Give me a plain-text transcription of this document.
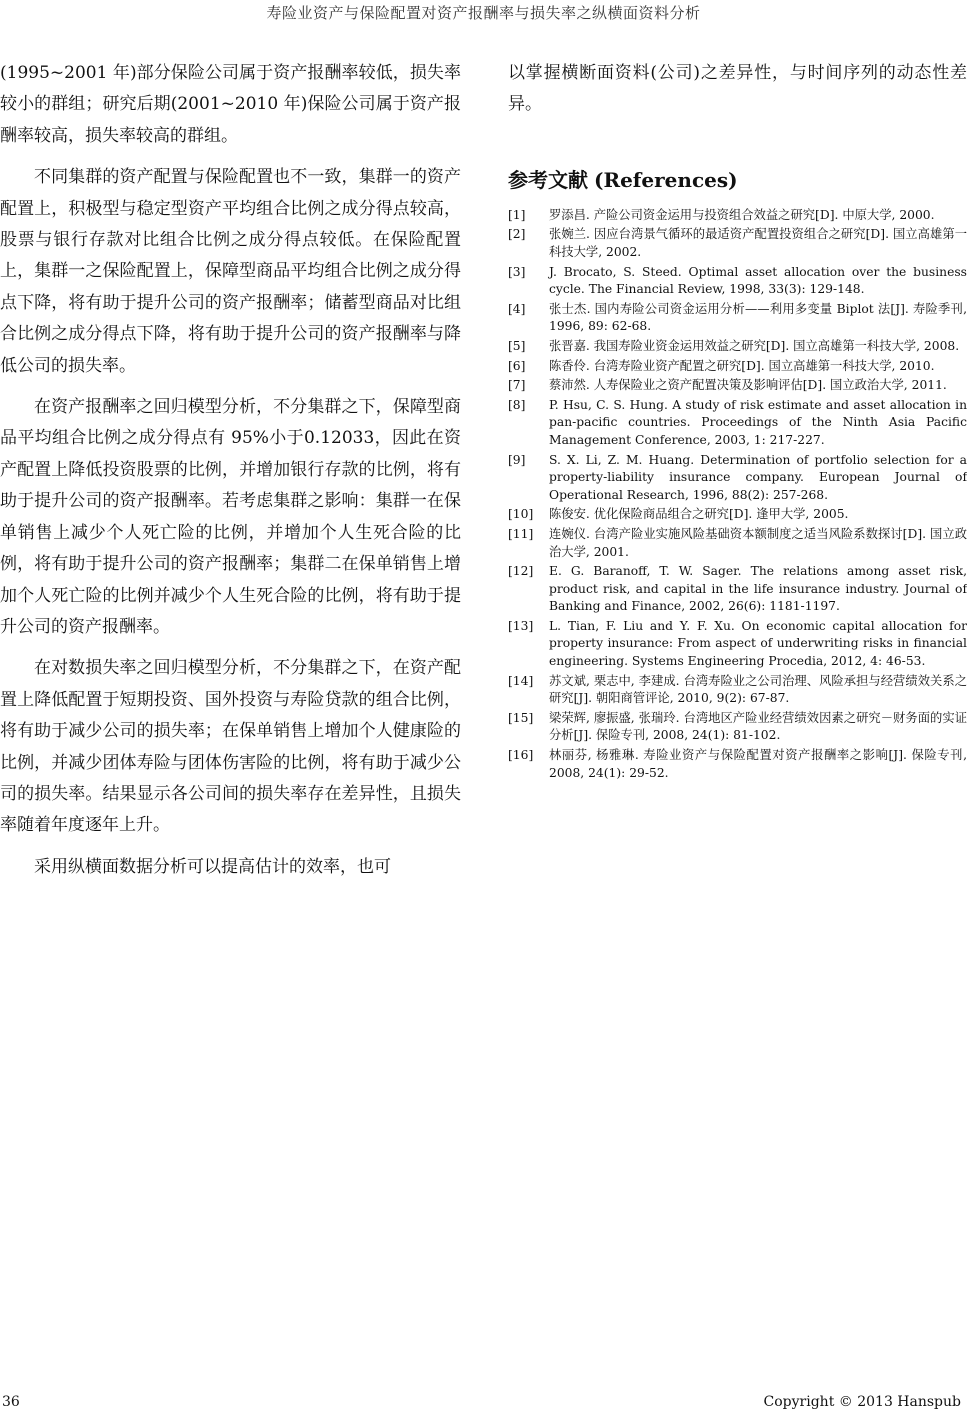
寿险业资产与保险配置对资产报酬率与损失率之纵横面资料分析

(1995~2001 年)部分保险公司属于资产报酬率较低，损失率较小的群组；研究后期(2001~2010 年)保险公司属于资产报酬率较高，损失率较高的群组。

不同集群的资产配置与保险配置也不一致，集群一的资产配置上，积极型与稳定型资产平均组合比例之成分得点较高，股票与银行存款对比组合比例之成分得点较低。在保险配置上，集群一之保险配置上，保障型商品平均组合比例之成分得点下降，将有助于提升公司的资产报酬率；储蓄型商品对比组合比例之成分得点下降，将有助于提升公司的资产报酬率与降低公司的损失率。

在资产报酬率之回归模型分析，不分集群之下，保障型商品平均组合比例之成分得点有 95%小于0.12033，因此在资产配置上降低投资股票的比例，并增加银行存款的比例，将有助于提升公司的资产报酬率。若考虑集群之影响：集群一在保单销售上减少个人死亡险的比例，并增加个人生死合险的比例，将有助于提升公司的资产报酬率；集群二在保单销售上增加个人死亡险的比例并减少个人生死合险的比例，将有助于提升公司的资产报酬率。

在对数损失率之回归模型分析，不分集群之下，在资产配置上降低配置于短期投资、国外投资与寿险贷款的组合比例，将有助于减少公司的损失率；在保单销售上增加个人健康险的比例，并减少团体寿险与团体伤害险的比例，将有助于减少公司的损失率。结果显示各公司间的损失率存在差异性，且损失率随着年度逐年上升。

采用纵横面数据分析可以提高估计的效率，也可

以掌握横断面资料(公司)之差异性，与时间序列的动态性差异。

参考文献 (References)
[1]	罗添昌. 产险公司资金运用与投资组合效益之研究[D]. 中原大学, 2000.
[2]	张婉兰. 因应台湾景气循环的最适资产配置投资组合之研究[D]. 国立高雄第一科技大学, 2002.
[3]	J. Brocato, S. Steed. Optimal asset allocation over the business cycle. The Financial Review, 1998, 33(3): 129-148.
[4]	张士杰. 国内寿险公司资金运用分析——利用多变量 Biplot 法[J]. 寿险季刊, 1996, 89: 62-68.
[5]	张晋嘉. 我国寿险业资金运用效益之研究[D]. 国立高雄第一科技大学, 2008.
[6]	陈香伶. 台湾寿险业资产配置之研究[D]. 国立高雄第一科技大学, 2010.
[7]	蔡沛然. 人寿保险业之资产配置决策及影响评估[D]. 国立政治大学, 2011.
[8]	P. Hsu, C. S. Hung. A study of risk estimate and asset allocation in pan-pacific countries. Proceedings of the Ninth Asia Pacific Management Conference, 2003, 1: 217-227.
[9]	S. X. Li, Z. M. Huang. Determination of portfolio selection for a property-liability insurance company. European Journal of Operational Research, 1996, 88(2): 257-268.
[10]	陈俊安. 优化保险商品组合之研究[D]. 逢甲大学, 2005.
[11]	连婉仪. 台湾产险业实施风险基础资本额制度之适当风险系数探讨[D]. 国立政治大学, 2001.
[12]	E. G. Baranoff, T. W. Sager. The relations among asset risk, product risk, and capital in the life insurance industry. Journal of Banking and Finance, 2002, 26(6): 1181-1197.
[13]	L. Tian, F. Liu and Y. F. Xu. On economic capital allocation for property insurance: From aspect of underwriting risks in financial engineering. Systems Engineering Procedia, 2012, 4: 46-53.
[14]	苏文斌, 栗志中, 李建成. 台湾寿险业之公司治理、风险承担与经营绩效关系之研究[J]. 朝阳商管评论, 2010, 9(2): 67-87.
[15]	梁荣辉, 廖振盛, 张瑞玲. 台湾地区产险业经营绩效因素之研究－财务面的实证分析[J]. 保险专刊, 2008, 24(1): 81-102.
[16]	林丽芬, 杨雅琳. 寿险业资产与保险配置对资产报酬率之影响[J]. 保险专刊, 2008, 24(1): 29-52.
36	Copyright © 2013 Hanspub
